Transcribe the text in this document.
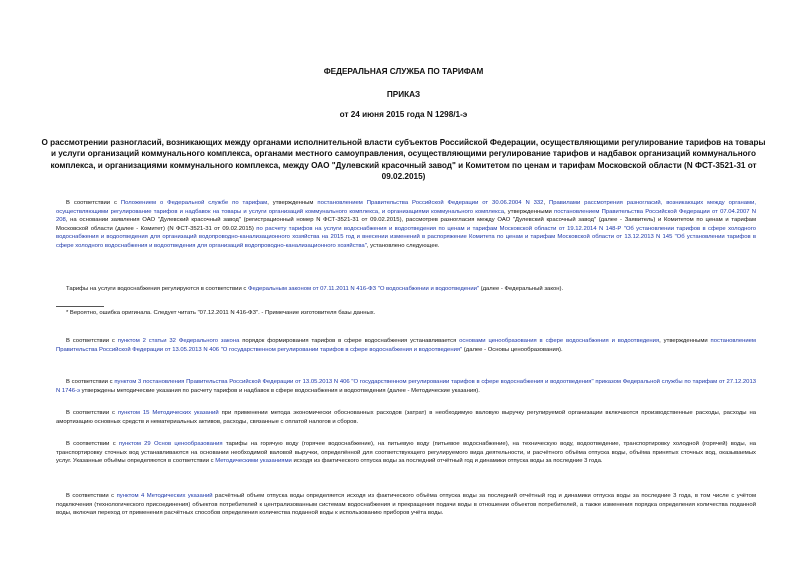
ФЕДЕРАЛЬНАЯ СЛУЖБА ПО ТАРИФАМ
ПРИКАЗ
от 24 июня 2015 года N 1298/1-э
О рассмотрении разногласий, возникающих между органами исполнительной власти субъектов Российской Федерации, осуществляющими регулирование тарифов на товары и услуги организаций коммунального комплекса, органами местного самоуправления, осуществляющими регулирование тарифов и надбавок организаций коммунального комплекса, и организациями коммунального комплекса, между ОАО "Дулевский красочный завод" и Комитетом по ценам и тарифам Московской области (N ФСТ-3521-31 от 09.02.2015)
В соответствии с Положением о Федеральной службе по тарифам, утвержденным постановлением Правительства Российской Федерации от 30.06.2004 N 332, Правилами рассмотрения разногласий, возникающих между органами, осуществляющими регулирование тарифов и надбавок на товары и услуги организаций коммунального комплекса, и организациями коммунального комплекса, утвержденными постановлением Правительства Российской Федерации от 07.04.2007 N 208, на основании заявления ОАО "Дулевский красочный завод" (регистрационный номер N ФСТ-3521-31 от 09.02.2015), рассмотрев разногласия между ОАО "Дулевский красочный завод" (далее - Заявитель) и Комитетом по ценам и тарифам Московской области (далее - Комитет) (N ФСТ-3521-31 от 09.02.2015) по расчету тарифов на услуги водоснабжения и водоотведения по ценам и тарифам Московской области от 19.12.2014 N 148-Р "Об установлении тарифов в сфере холодного водоснабжения и водоотведения для организаций водопроводно-канализационного хозяйства на 2015 год и внесении изменений в распоряжение Комитета по ценам и тарифам Московской области от 13.12.2013 N 145 "Об установлении тарифов в сфере холодного водоснабжения и водоотведения для организаций водопроводно-канализационного хозяйства", установлено следующее.
Тарифы на услуги водоснабжения регулируются в соответствии с Федеральным законом от 07.11.2011 N 416-ФЗ "О водоснабжении и водоотведении" (далее - Федеральный закон).
* Вероятно, ошибка оригинала. Следует читать "07.12.2011 N 416-ФЗ". - Примечание изготовителя базы данных.
В соответствии с пунктом 2 статьи 32 Федерального закона порядок формирования тарифов в сфере водоснабжения устанавливается основами ценообразования в сфере водоснабжения и водоотведения, утвержденными постановлением Правительства Российской Федерации от 13.05.2013 N 406 "О государственном регулировании тарифов в сфере водоснабжения и водоотведения" (далее - Основы ценообразования).
В соответствии с пунктом 3 постановления Правительства Российской Федерации от 13.05.2013 N 406 "О государственном регулировании тарифов в сфере водоснабжения и водоотведения" приказом Федеральной службы по тарифам от 27.12.2013 N 1746-э утверждены методические указания по расчету тарифов и надбавок в сфере водоснабжения и водоотведения (далее - Методические указания).
В соответствии с пунктом 15 Методических указаний при применении метода экономически обоснованных расходов (затрат) в необходимую валовую выручку регулируемой организации включаются производственные расходы, расходы на амортизацию основных средств и нематериальных активов, расходы, связанные с оплатой налогов и сборов.
В соответствии с пунктом 29 Основ ценообразования тарифы на горячую воду (горячее водоснабжение), на питьевую воду (питьевое водоснабжение), на техническую воду, водоотведение, транспортировку холодной (горячей) воды, на транспортировку сточных вод устанавливаются на основании необходимой валовой выручки, определённой для соответствующего регулируемого вида деятельности, и расчётного объёма отпуска воды, объёма принятых сточных вод, оказываемых услуг. Указанные объёмы определяются в соответствии с Методическими указаниями исходя из фактического отпуска воды за последний отчётный год и динамики отпуска воды за последние 3 года.
В соответствии с пунктом 4 Методических указаний расчётный объем отпуска воды определяется исходя из фактического объёма отпуска воды за последний отчётный год и динамики отпуска воды за последние 3 года, в том числе с учётом подключения (технологического присоединения) объектов потребителей к централизованным системам водоснабжения и прекращения подачи воды в отношении объектов потребителей, а также изменения порядка определения количества поданной воды, включая переход от применения расчётных способов определения количества поданной воды к использованию приборов учёта воды.
